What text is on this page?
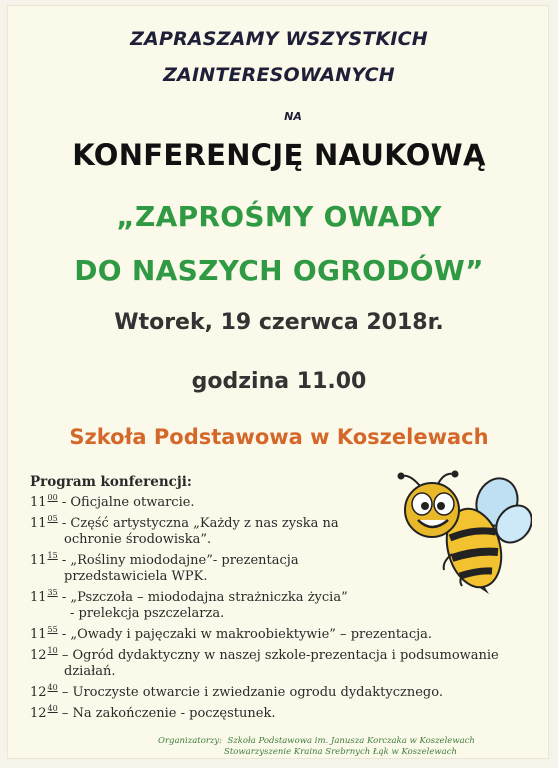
ZAPRASZAMY WSZYSTKICH
ZAINTERESOWANYCH
NA
KONFERENCJĘ NAUKOWĄ
„ZAPROŚMY OWADY
DO NASZYCH OGRODÓW”
Wtorek, 19 czerwca 2018r.
godzina 11.00
Szkoła Podstawowa w Koszelewach
Program konferencji:
$11^{00}$ - Oficjalne otwarcie.
$11^{05}$ - Część artystyczna „Każdy z nas zyska na
ochronie środowiska”.
$11^{15}$ - „Rośliny miododajne”- prezentacja
przedstawiciela WPK.
$11^{35}$ - „Pszczoła – miododajna strażniczka życia”
- prelekcja pszczelarza.
$11^{55}$ - „Owady i pajęczaki w makroobiektywie” – prezentacja.
$12^{10}$ – Ogród dydaktyczny w naszej szkole-prezentacja i podsumowanie
działań.
$12^{40}$ – Uroczyste otwarcie i zwiedzanie ogrodu dydaktycznego.
$12^{40}$ – Na zakończenie - poczęstunek.
Organizatorzy: Szkoła Podstawowa im. Janusza Korczaka w Koszelewach
Stowarzyszenie Kraina Srebrnych Łąk w Koszelewach
